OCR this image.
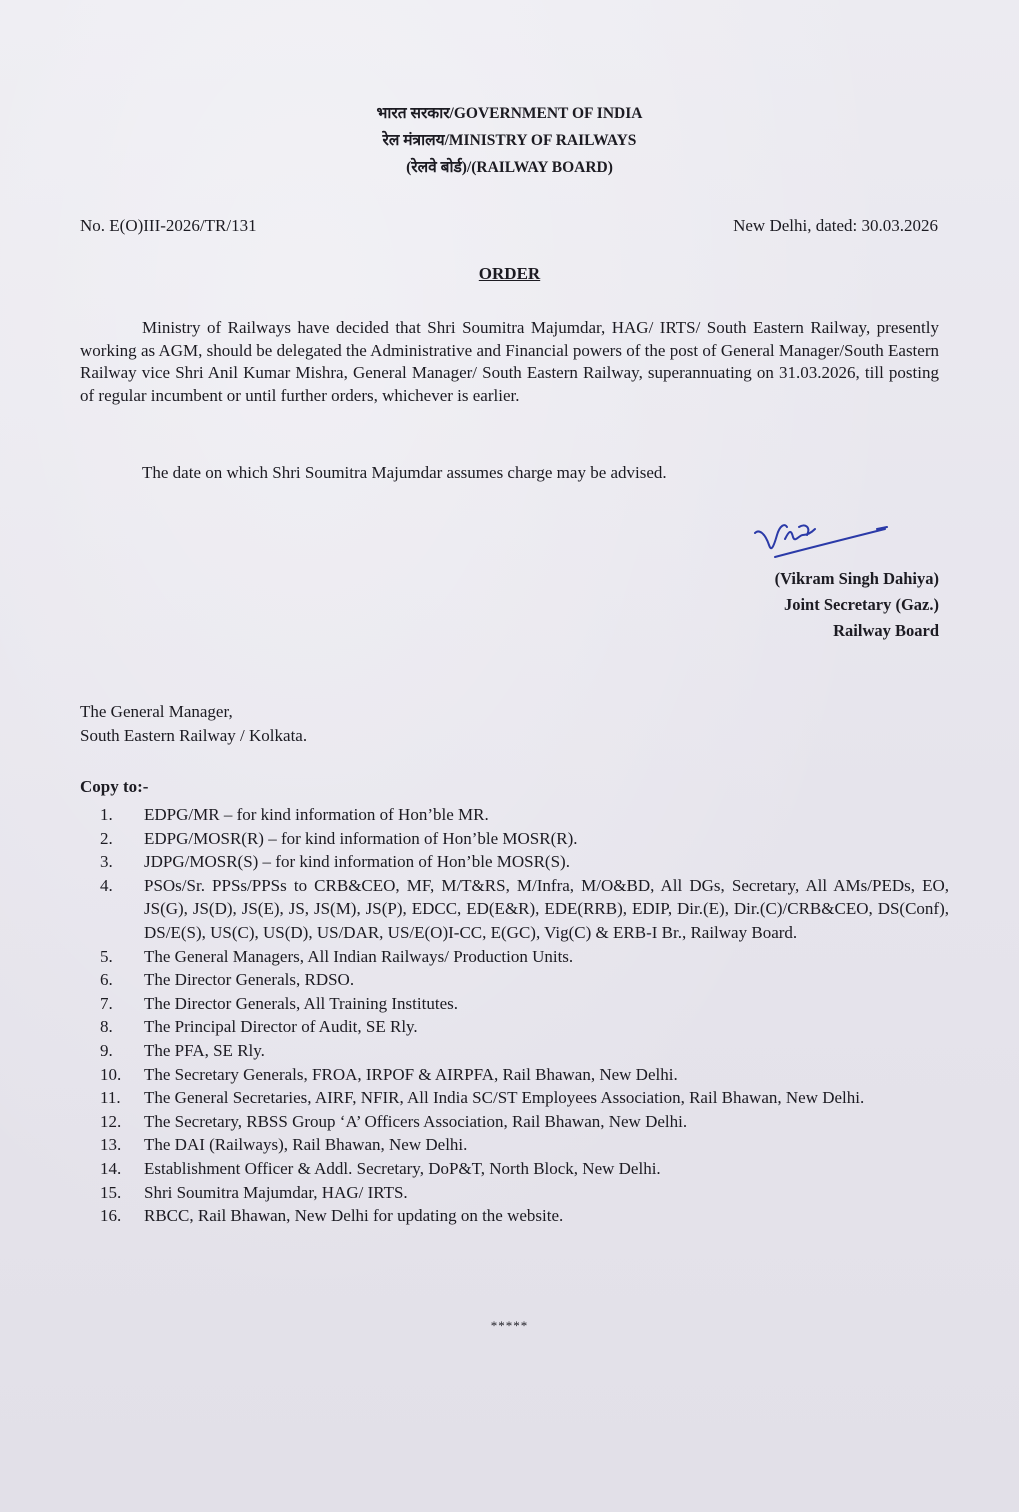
भारत सरकार/GOVERNMENT OF INDIA
रेल मंत्रालय/MINISTRY OF RAILWAYS
(रेलवे बोर्ड)/(RAILWAY BOARD)
No. E(O)III-2026/TR/131	New Delhi, dated: 30.03.2026
ORDER

Ministry of Railways have decided that Shri Soumitra Majumdar, HAG/ IRTS/ South Eastern Railway, presently working as AGM, should be delegated the Administrative and Financial powers of the post of General Manager/South Eastern Railway vice Shri Anil Kumar Mishra, General Manager/ South Eastern Railway, superannuating on 31.03.2026, till posting of regular incumbent or until further orders, whichever is earlier.

The date on which Shri Soumitra Majumdar assumes charge may be advised.

(Vikram Singh Dahiya)
Joint Secretary (Gaz.)
Railway Board
The General Manager,
South Eastern Railway / Kolkata.
Copy to:-
1.	EDPG/MR – for kind information of Hon’ble MR.
2.	EDPG/MOSR(R) – for kind information of Hon’ble MOSR(R).
3.	JDPG/MOSR(S) – for kind information of Hon’ble MOSR(S).
4.	PSOs/Sr. PPSs/PPSs to CRB&CEO, MF, M/T&RS, M/Infra, M/O&BD, All DGs, Secretary, All AMs/PEDs, EO, JS(G), JS(D), JS(E), JS, JS(M), JS(P), EDCC, ED(E&R), EDE(RRB), EDIP, Dir.(E), Dir.(C)/CRB&CEO, DS(Conf), DS/E(S), US(C), US(D), US/DAR, US/E(O)I-CC, E(GC), Vig(C) & ERB-I Br., Railway Board.
5.	The General Managers, All Indian Railways/ Production Units.
6.	The Director Generals, RDSO.
7.	The Director Generals, All Training Institutes.
8.	The Principal Director of Audit, SE Rly.
9.	The PFA, SE Rly.
10.	The Secretary Generals, FROA, IRPOF & AIRPFA, Rail Bhawan, New Delhi.
11.	The General Secretaries, AIRF, NFIR, All India SC/ST Employees Association, Rail Bhawan, New Delhi.
12.	The Secretary, RBSS Group ‘A’ Officers Association, Rail Bhawan, New Delhi.
13.	The DAI (Railways), Rail Bhawan, New Delhi.
14.	Establishment Officer & Addl. Secretary, DoP&T, North Block, New Delhi.
15.	Shri Soumitra Majumdar, HAG/ IRTS.
16.	RBCC, Rail Bhawan, New Delhi for updating on the website.
*****
